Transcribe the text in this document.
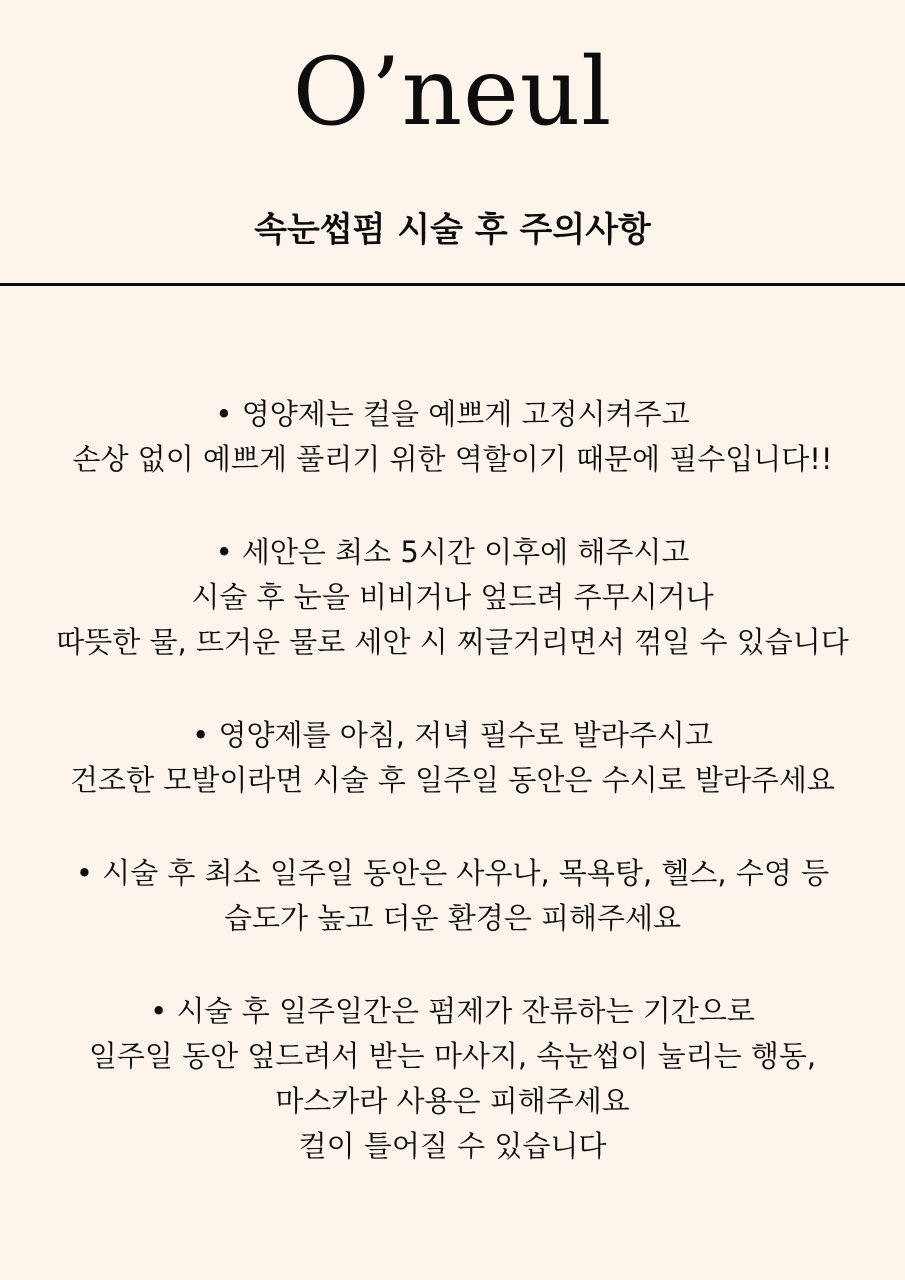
O’neul
속눈썹펌 시술 후 주의사항
• 영양제는 컬을 예쁘게 고정시켜주고
손상 없이 예쁘게 풀리기 위한 역할이기 때문에 필수입니다!!
• 세안은 최소 5시간 이후에 해주시고
시술 후 눈을 비비거나 엎드려 주무시거나
따뜻한 물, 뜨거운 물로 세안 시 찌글거리면서 꺾일 수 있습니다
• 영양제를 아침, 저녁 필수로 발라주시고
건조한 모발이라면 시술 후 일주일 동안은 수시로 발라주세요
• 시술 후 최소 일주일 동안은 사우나, 목욕탕, 헬스, 수영 등
습도가 높고 더운 환경은 피해주세요
• 시술 후 일주일간은 펌제가 잔류하는 기간으로
일주일 동안 엎드려서 받는 마사지, 속눈썹이 눌리는 행동,
마스카라 사용은 피해주세요
컬이 틀어질 수 있습니다
